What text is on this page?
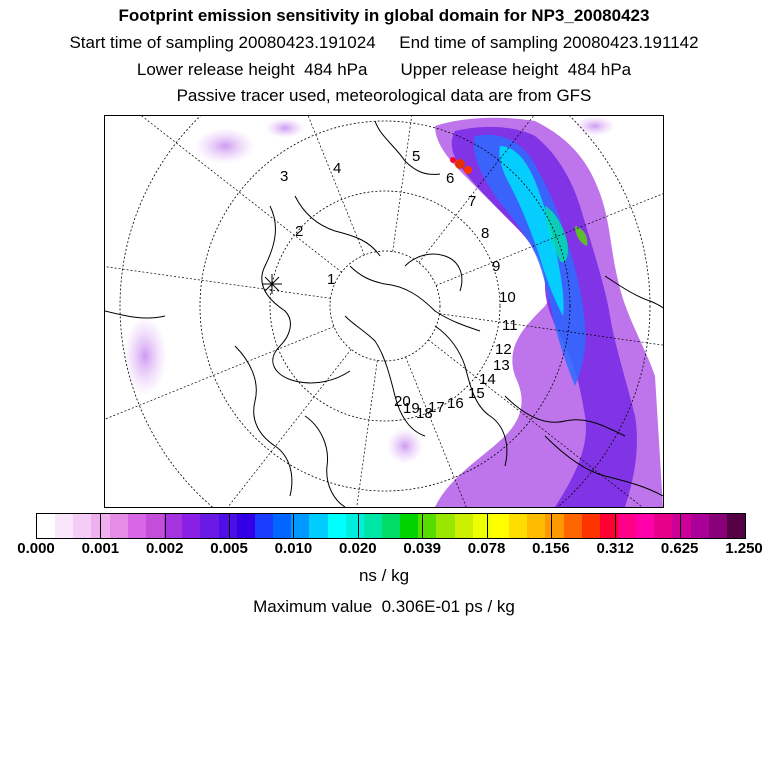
Footprint emission sensitivity in global domain for NP3_20080423
Start time of sampling 20080423.191024     End time of sampling 20080423.191142
Lower release height  484 hPa       Upper release height  484 hPa
Passive tracer used, meteorological data are from GFS
1
2
3	4
5
6
7
8
9
10
11
12
13
14
15
16
17
18
19
20
0.000 0.001 0.002 0.005 0.010 0.020 0.039 0.078 0.156 0.312 0.625 1.250
ns / kg
Maximum value  0.306E-01 ps / kg
